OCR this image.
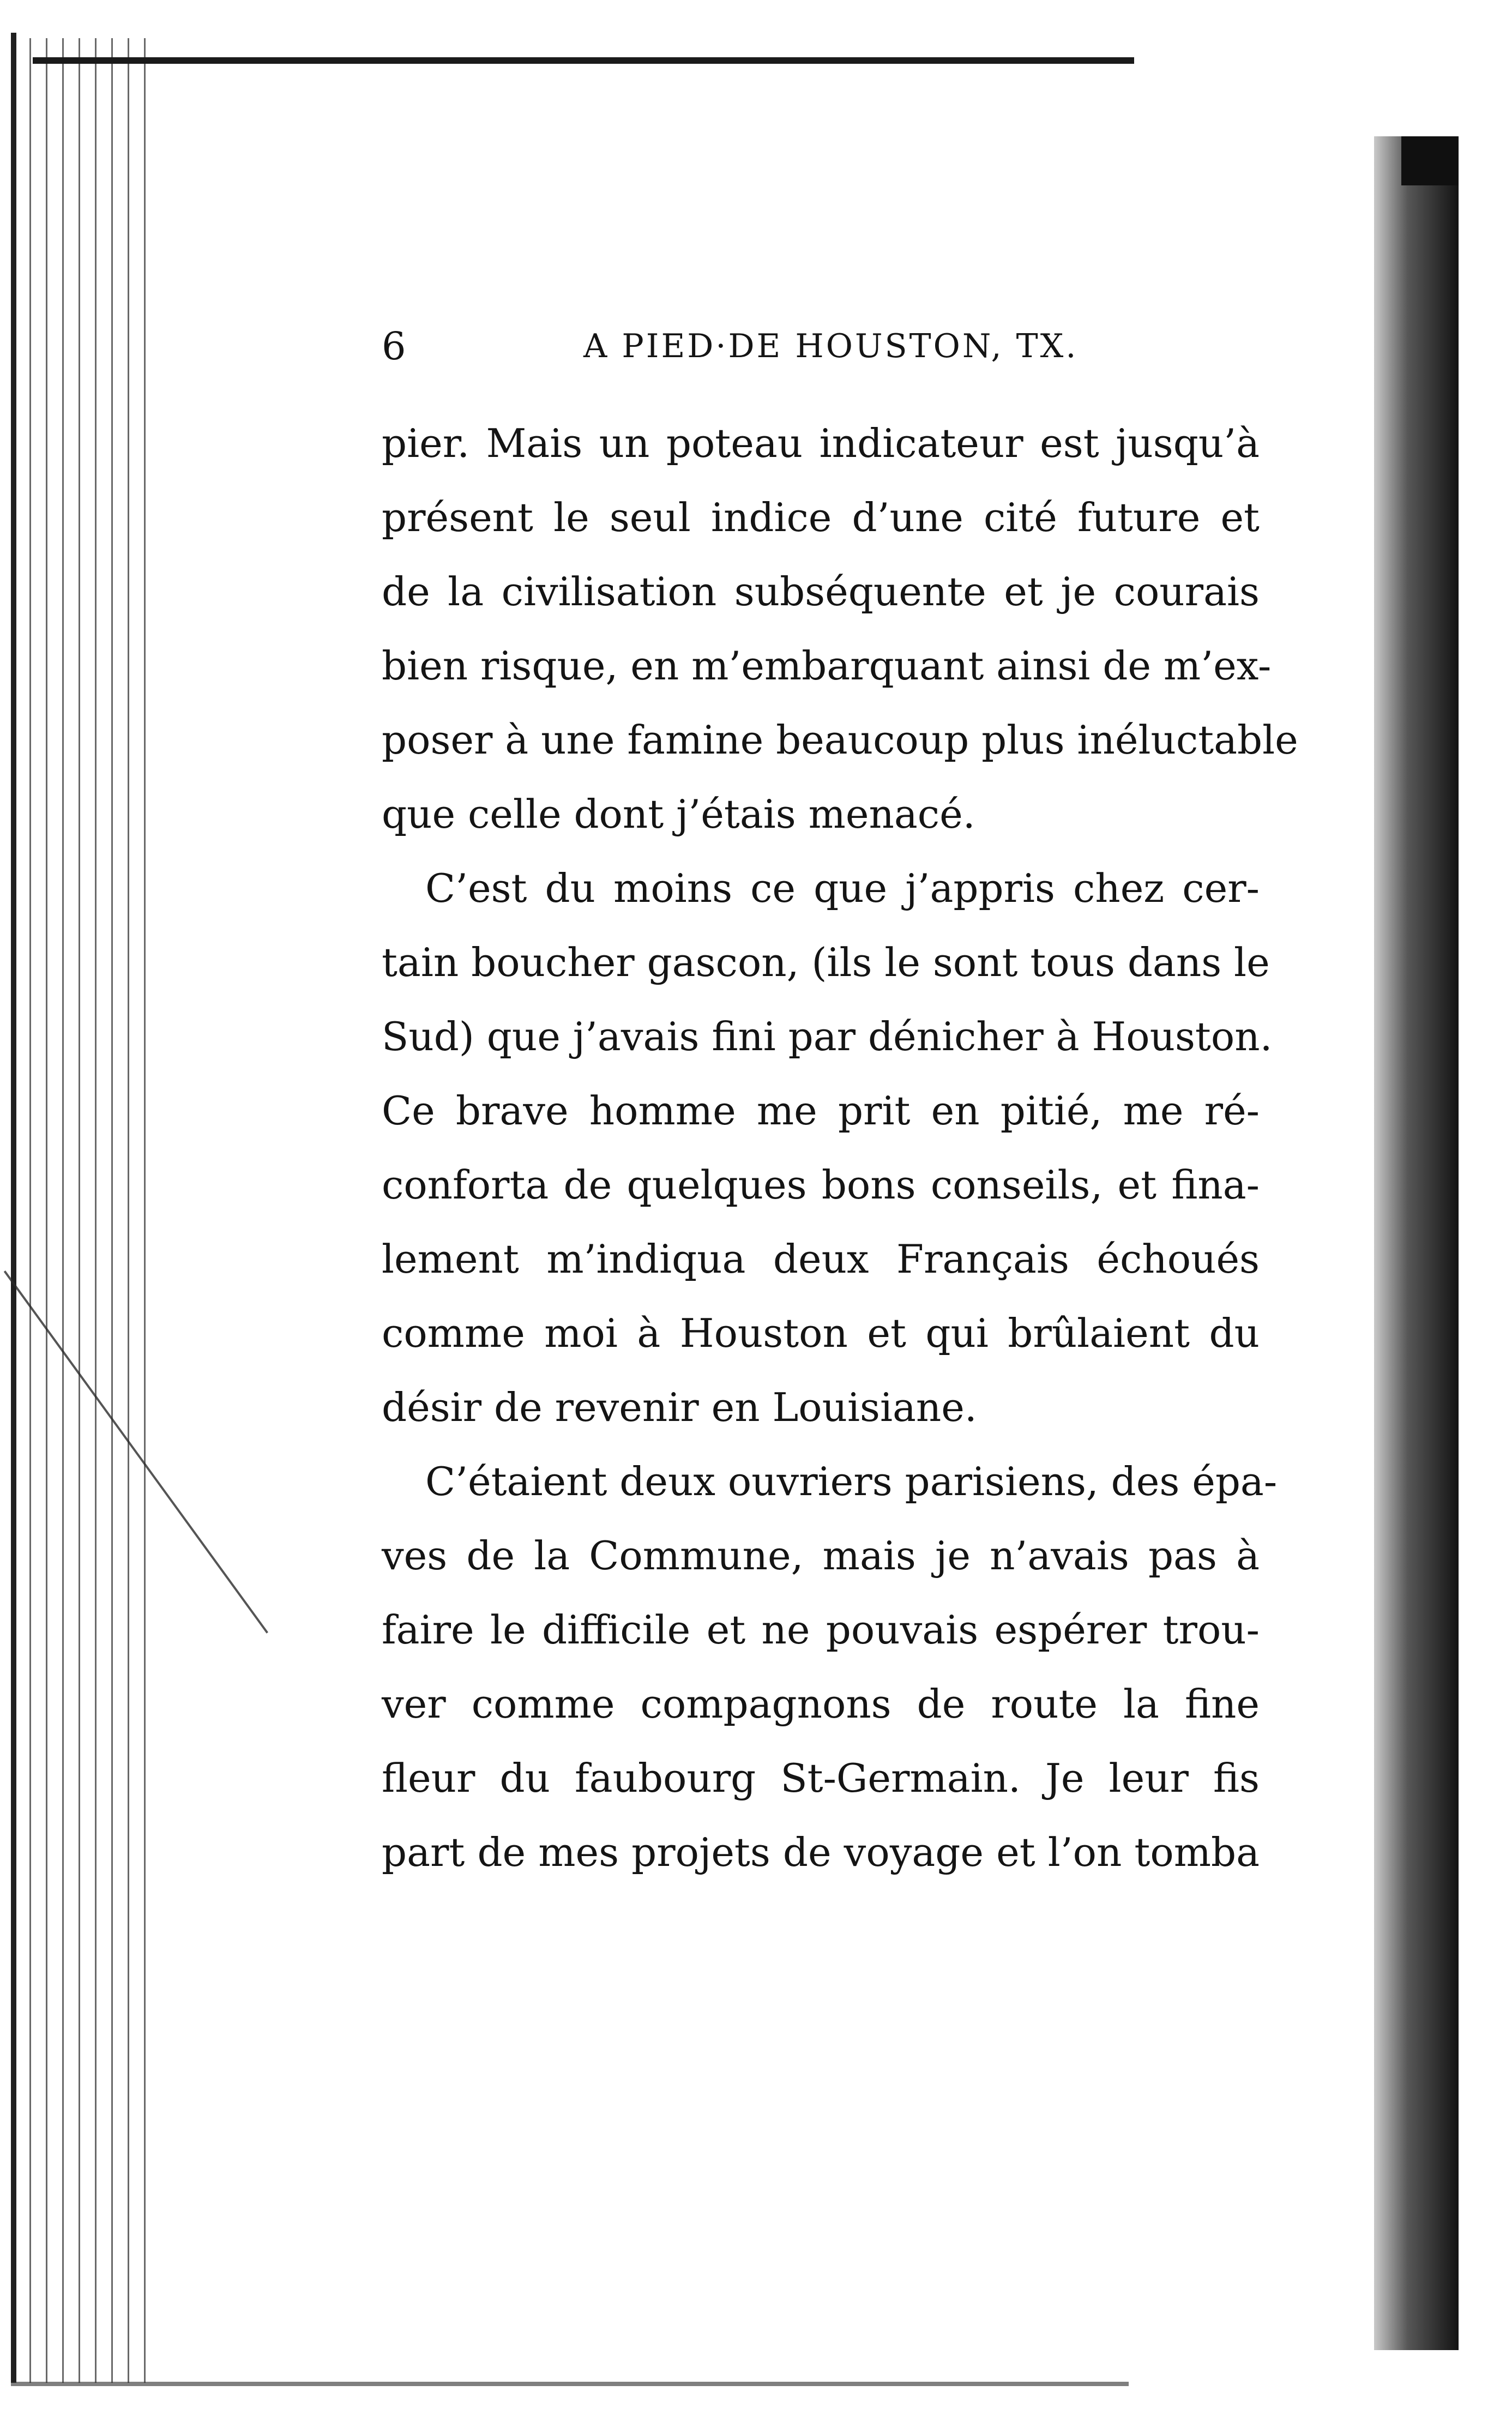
6	A PIED·DE HOUSTON, TX.
pier. Mais un poteau indicateur est jusqu’à
présent le seul indice d’une cité future et
de la civilisation subséquente et je courais
bien risque, en m’embarquant ainsi de m’ex-
poser à une famine beaucoup plus inéluctable
que celle dont j’étais menacé.
C’est du moins ce que j’appris chez cer-
tain boucher gascon, (ils le sont tous dans le
Sud) que j’avais fini par dénicher à Houston.
Ce brave homme me prit en pitié, me ré-
conforta de quelques bons conseils, et fina-
lement m’indiqua deux Français échoués
comme moi à Houston et qui brûlaient du
désir de revenir en Louisiane.
C’étaient deux ouvriers parisiens, des épa-
ves de la Commune, mais je n’avais pas à
faire le difficile et ne pouvais espérer trou-
ver comme compagnons de route la fine
fleur du faubourg St-Germain. Je leur fis
part de mes projets de voyage et l’on tomba
